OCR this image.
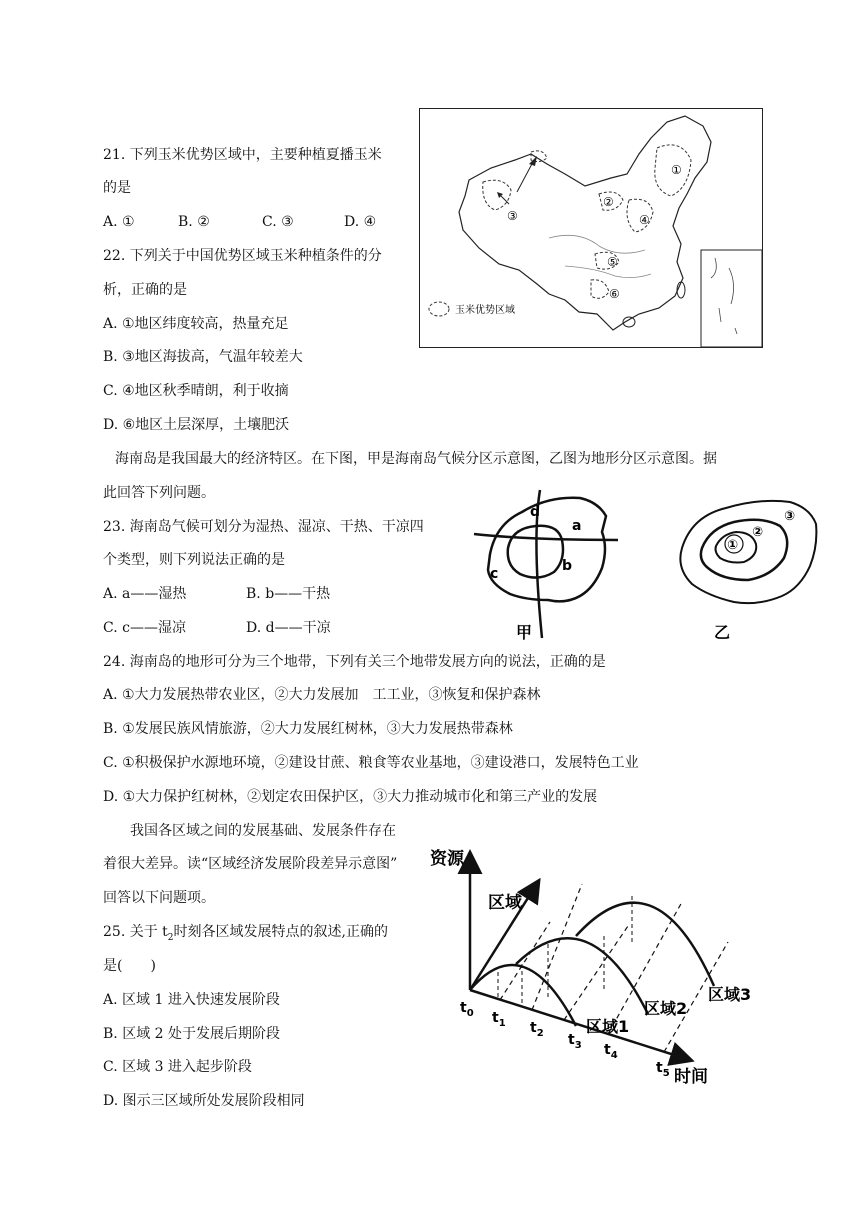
21. 下列玉米优势区域中，主要种植夏播玉米
的是
A. ①	B. ②	C. ③	D. ④
22. 下列关于中国优势区域玉米种植条件的分
析，正确的是
A. ①地区纬度较高，热量充足
B. ③地区海拔高，气温年较差大
C. ④地区秋季晴朗，利于收摘
D. ⑥地区土层深厚，土壤肥沃
①
②
③	④
⑤
⑥
玉米优势区域
海南岛是我国最大的经济特区。在下图，甲是海南岛气候分区示意图，乙图为地形分区示意图。据
此回答下列问题。
23. 海南岛气候可划分为湿热、湿凉、干热、干凉四
个类型，则下列说法正确的是
A. a——湿热	B. b——干热
C. c——湿凉	D. d——干凉
a
b
c
d
甲
①
②
③
乙
24. 海南岛的地形可分为三个地带，下列有关三个地带发展方向的说法，正确的是
A. ①大力发展热带农业区，②大力发展加　工工业，③恢复和保护森林
B. ①发展民族风情旅游，②大力发展红树林，③大力发展热带森林
C. ①积极保护水源地环境，②建设甘蔗、粮食等农业基地，③建设港口，发展特色工业
D. ①大力保护红树林，②划定农田保护区，③大力推动城市化和第三产业的发展
我国各区域之间的发展基础、发展条件存在
着很大差异。读“区域经济发展阶段差异示意图”
回答以下问题项。
25. 关于 $t_2$时刻各区域发展特点的叙述,正确的
是(　　)
A. 区域 1 进入快速发展阶段
B. 区域 2 处于发展后期阶段
C. 区域 3 进入起步阶段
D. 图示三区域所处发展阶段相同
资源
时间
区域
$t_0$ $t_1$ $t_2$ $t_3$ $t_4$
$t_5$
区域1
区域2
区域3
